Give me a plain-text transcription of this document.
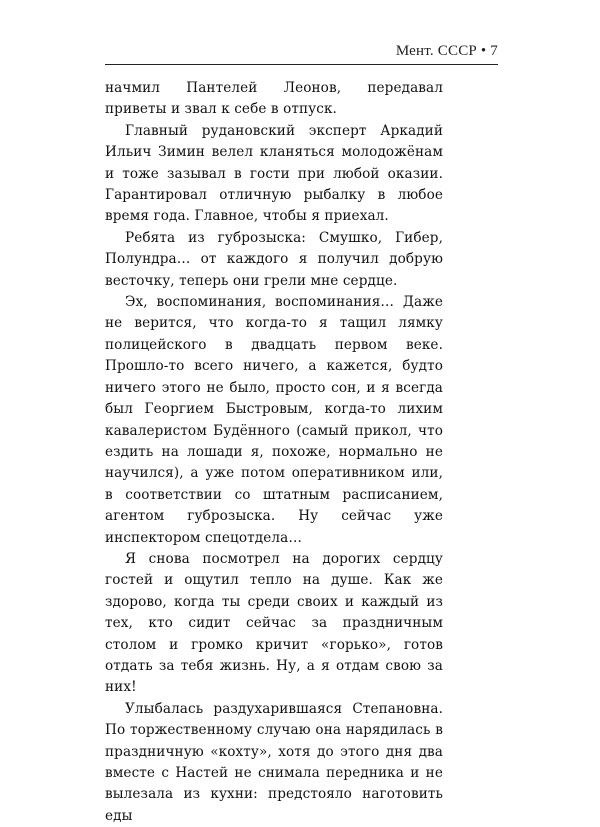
Мент. СССР • 7

начмил Пантелей Леонов, передавал приветы и звал к себе в отпуск.

Главный рудановский эксперт Аркадий Ильич Зимин велел кланяться молодожёнам и тоже зазывал в гости при любой оказии. Гарантировал отличную рыбалку в любое время года. Главное, чтобы я приехал.

Ребята из губрозыска: Смушко, Гибер, Полундра… от каждого я получил добрую весточку, теперь они грели мне сердце.

Эх, воспоминания, воспоминания… Даже не верится, что когда-то я тащил лямку полицейского в двадцать первом веке. Прошло-то всего ничего, а кажется, будто ничего этого не было, просто сон, и я всегда был Георгием Быстровым, когда-то лихим кавалеристом Будённого (самый прикол, что ездить на лошади я, похоже, нормально не научился), а уже потом оперативником или, в соответствии со штатным расписанием, агентом губрозыска. Ну сейчас уже инспектором спецотдела…

Я снова посмотрел на дорогих сердцу гостей и ощутил тепло на душе. Как же здорово, когда ты среди своих и каждый из тех, кто сидит сейчас за праздничным столом и громко кричит «горько», готов отдать за тебя жизнь. Ну, а я отдам свою за них!

Улыбалась раздухарившаяся Степановна. По торжественному случаю она нарядилась в праздничную «кохту», хотя до этого дня два вместе с Настей не снимала передника и не вылезала из кухни: предстояло наготовить еды
